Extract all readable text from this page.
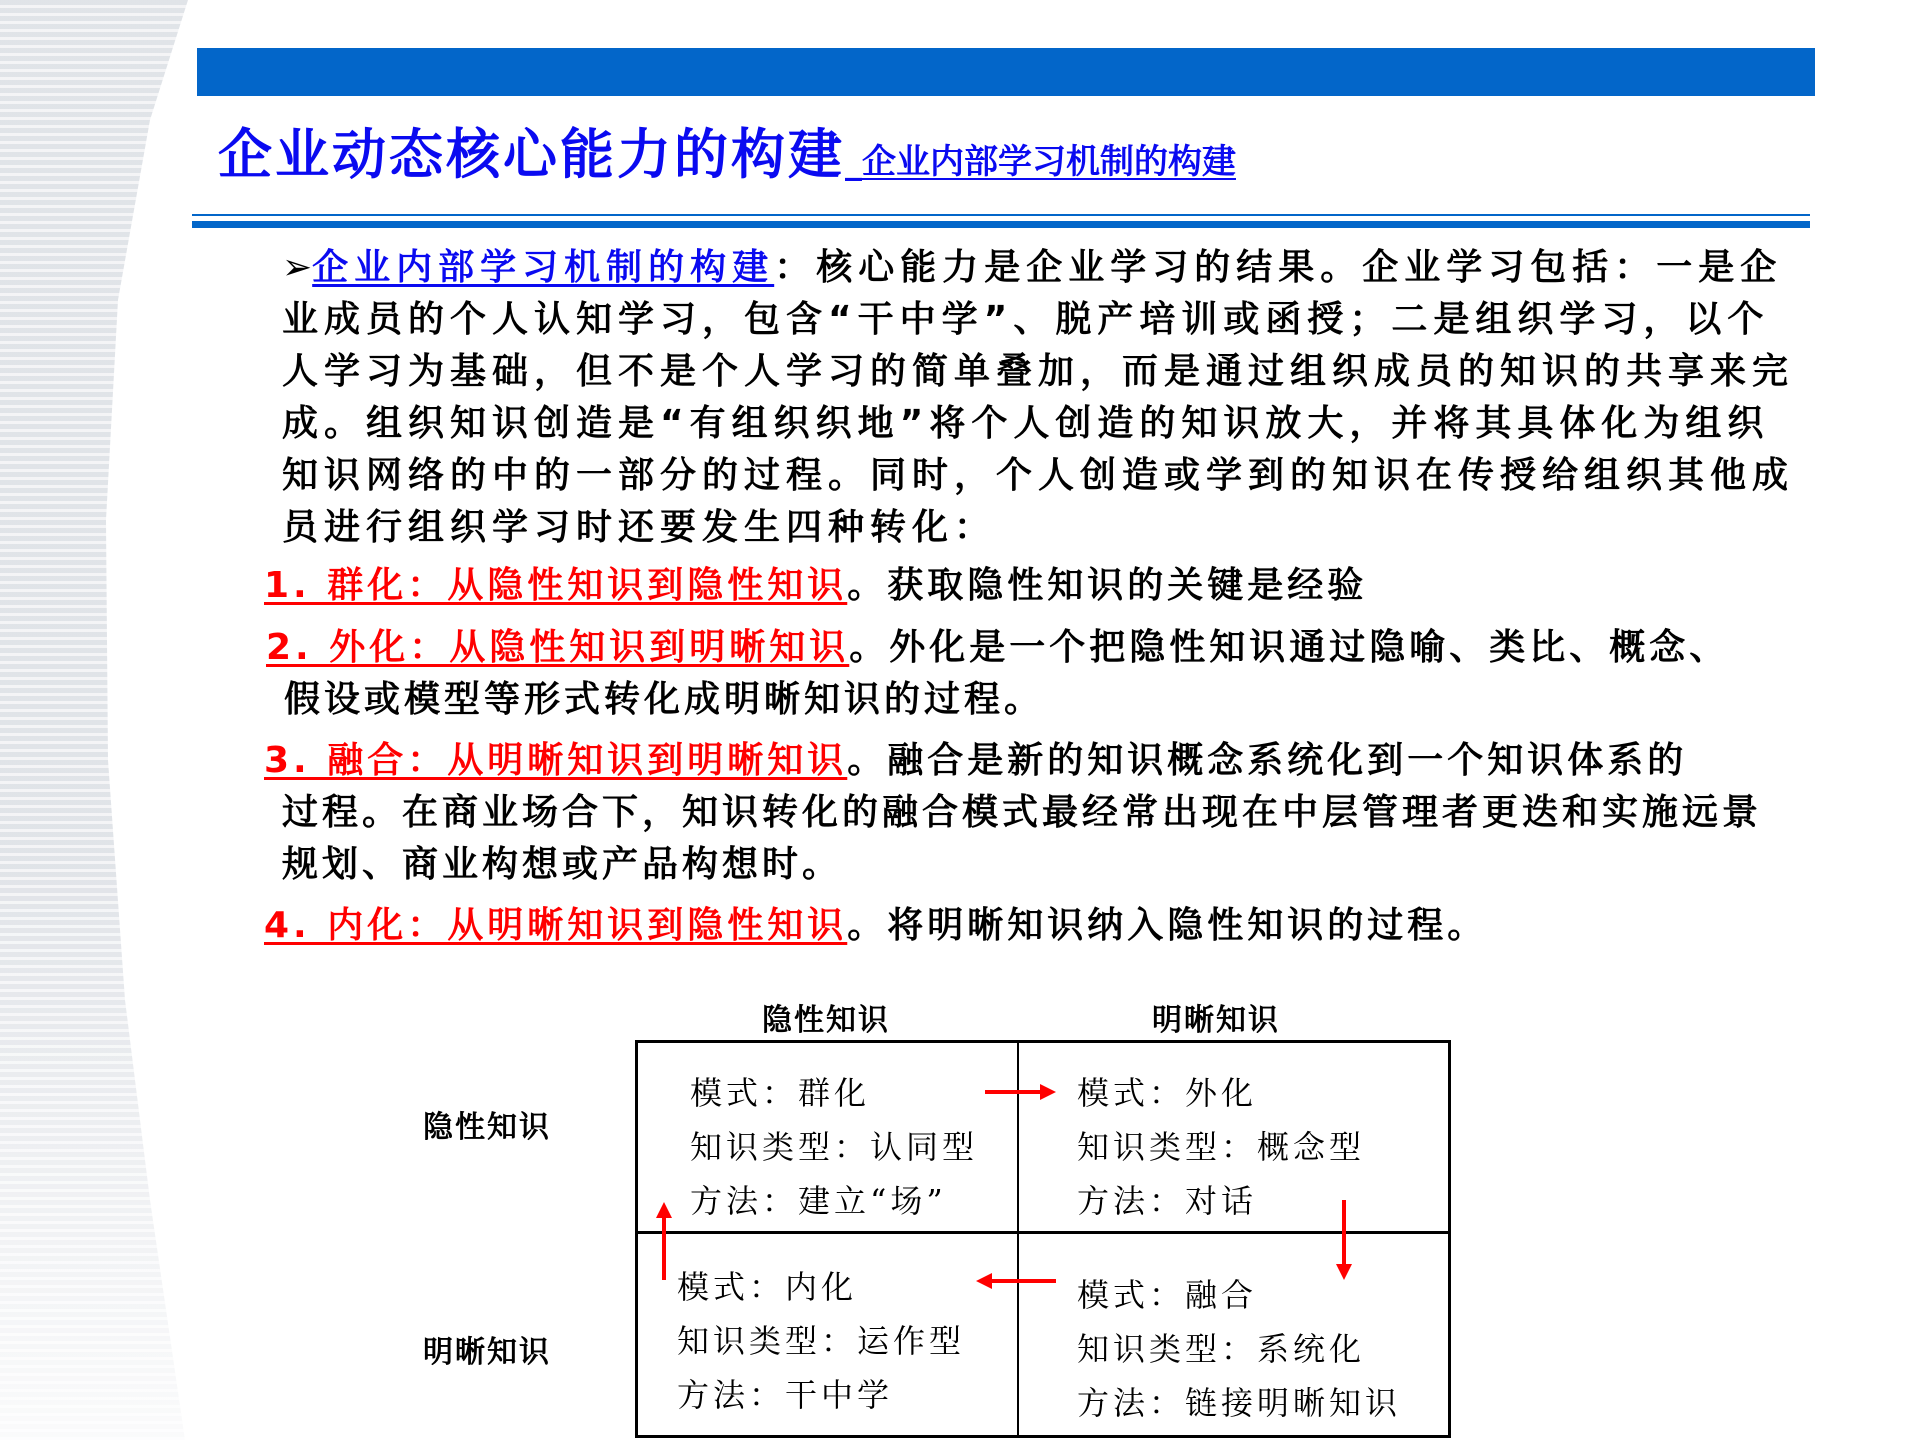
企业动态核心能力的构建_企业内部学习机制的构建
➢企业内部学习机制的构建：核心能力是企业学习的结果。企业学习包括：一是企业成员的个人认知学习，包含“干中学”、脱产培训或函授；二是组织学习，以个人学习为基础，但不是个人学习的简单叠加，而是通过组织成员的知识的共享来完成。组织知识创造是“有组织织地”将个人创造的知识放大，并将其具体化为组织知识网络的中的一部分的过程。同时，个人创造或学到的知识在传授给组织其他成员进行组织学习时还要发生四种转化：
1. 群化：从隐性知识到隐性知识。获取隐性知识的关键是经验
2. 外化：从隐性知识到明晰知识。外化是一个把隐性知识通过隐喻、类比、概念、
假设或模型等形式转化成明晰知识的过程。
3. 融合：从明晰知识到明晰知识。融合是新的知识概念系统化到一个知识体系的

过程。在商业场合下，知识转化的融合模式最经常出现在中层管理者更迭和实施远景规划、商业构想或产品构想时。
4. 内化：从明晰知识到隐性知识。将明晰知识纳入隐性知识的过程。
隐性知识	明晰知识
隐性知识
明晰知识
模式：群化
知识类型：认同型
方法：建立“场”
模式：外化
知识类型：概念型
方法：对话
模式：内化
知识类型：运作型
方法：干中学
模式：融合
知识类型：系统化
方法：链接明晰知识
